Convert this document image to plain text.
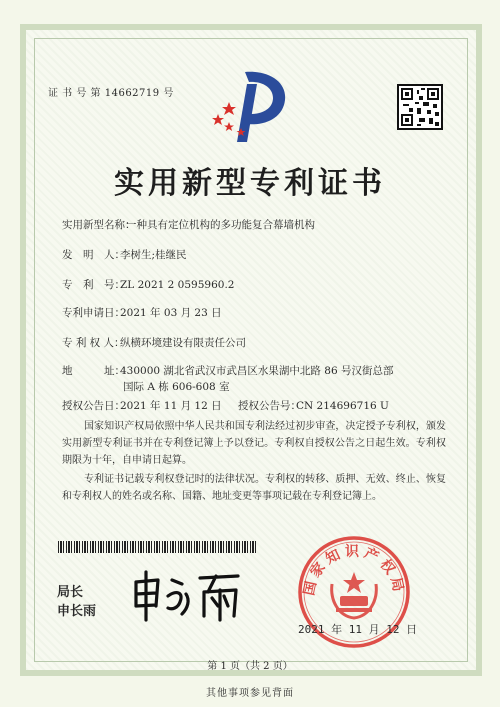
证 书 号 第 14662719 号
实用新型专利证书
实用新型名称：一种具有定位机构的多功能复合幕墙机构
发　明　人：李树生;桂继民
专　利　号：ZL 2021 2 0595960.2
专利申请日：2021 年 03 月 23 日
专 利 权 人：纵横环境建设有限责任公司
地　　　址：430000 湖北省武汉市武昌区水果湖中北路 86 号汉街总部
国际 A 栋 606-608 室
授权公告日：2021 年 11 月 12 日 授权公告号：CN 214696716 U
国家知识产权局依照中华人民共和国专利法经过初步审查，决定授予专利权，颁发实用新型专利证书并在专利登记簿上予以登记。专利权自授权公告之日起生效。专利权期限为十年，自申请日起算。
专利证书记载专利权登记时的法律状况。专利权的转移、质押、无效、终止、恢复和专利权人的姓名或名称、国籍、地址变更等事项记载在专利登记簿上。
局长
申长雨
国家知识产权局
2021 年 11 月 12 日
第 1 页（共 2 页）
其他事项参见背面
